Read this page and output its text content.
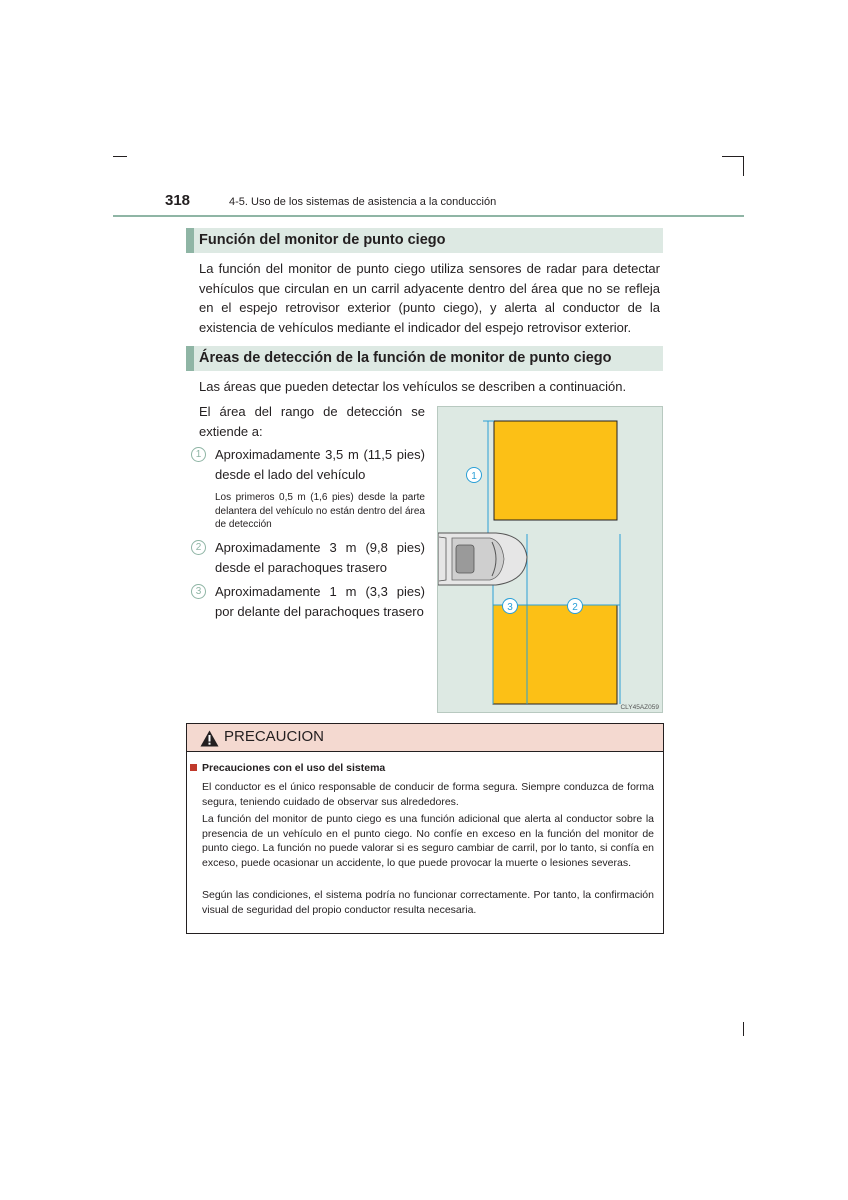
318	4-5. Uso de los sistemas de asistencia a la conducción
Función del monitor de punto ciego
La función del monitor de punto ciego utiliza sensores de radar para detectar vehículos que circulan en un carril adyacente dentro del área que no se refleja en el espejo retrovisor exterior (punto ciego), y alerta al conductor de la existencia de vehículos mediante el indicador del espejo retrovisor exterior.
Áreas de detección de la función de monitor de punto ciego
Las áreas que pueden detectar los vehículos se describen a continuación.
El área del rango de detección se extiende a:
1	Aproximadamente 3,5 m (11,5 pies) desde el lado del vehículo
Los primeros 0,5 m (1,6 pies) desde la parte delantera del vehículo no están dentro del área de detección
2	Aproximadamente 3 m (9,8 pies) desde el parachoques trasero
3	Aproximadamente 1 m (3,3 pies) por delante del parachoques trasero
1
3	2
CLY45AZ059
PRECAUCION
Precauciones con el uso del sistema
El conductor es el único responsable de conducir de forma segura. Siempre conduzca de forma segura, teniendo cuidado de observar sus alrededores.
La función del monitor de punto ciego es una función adicional que alerta al conductor sobre la presencia de un vehículo en el punto ciego. No confíe en exceso en la función del monitor de punto ciego. La función no puede valorar si es seguro cambiar de carril, por lo tanto, si confía en exceso, puede ocasionar un accidente, lo que puede provocar la muerte o lesiones severas.
Según las condiciones, el sistema podría no funcionar correctamente. Por tanto, la confirmación visual de seguridad del propio conductor resulta necesaria.
